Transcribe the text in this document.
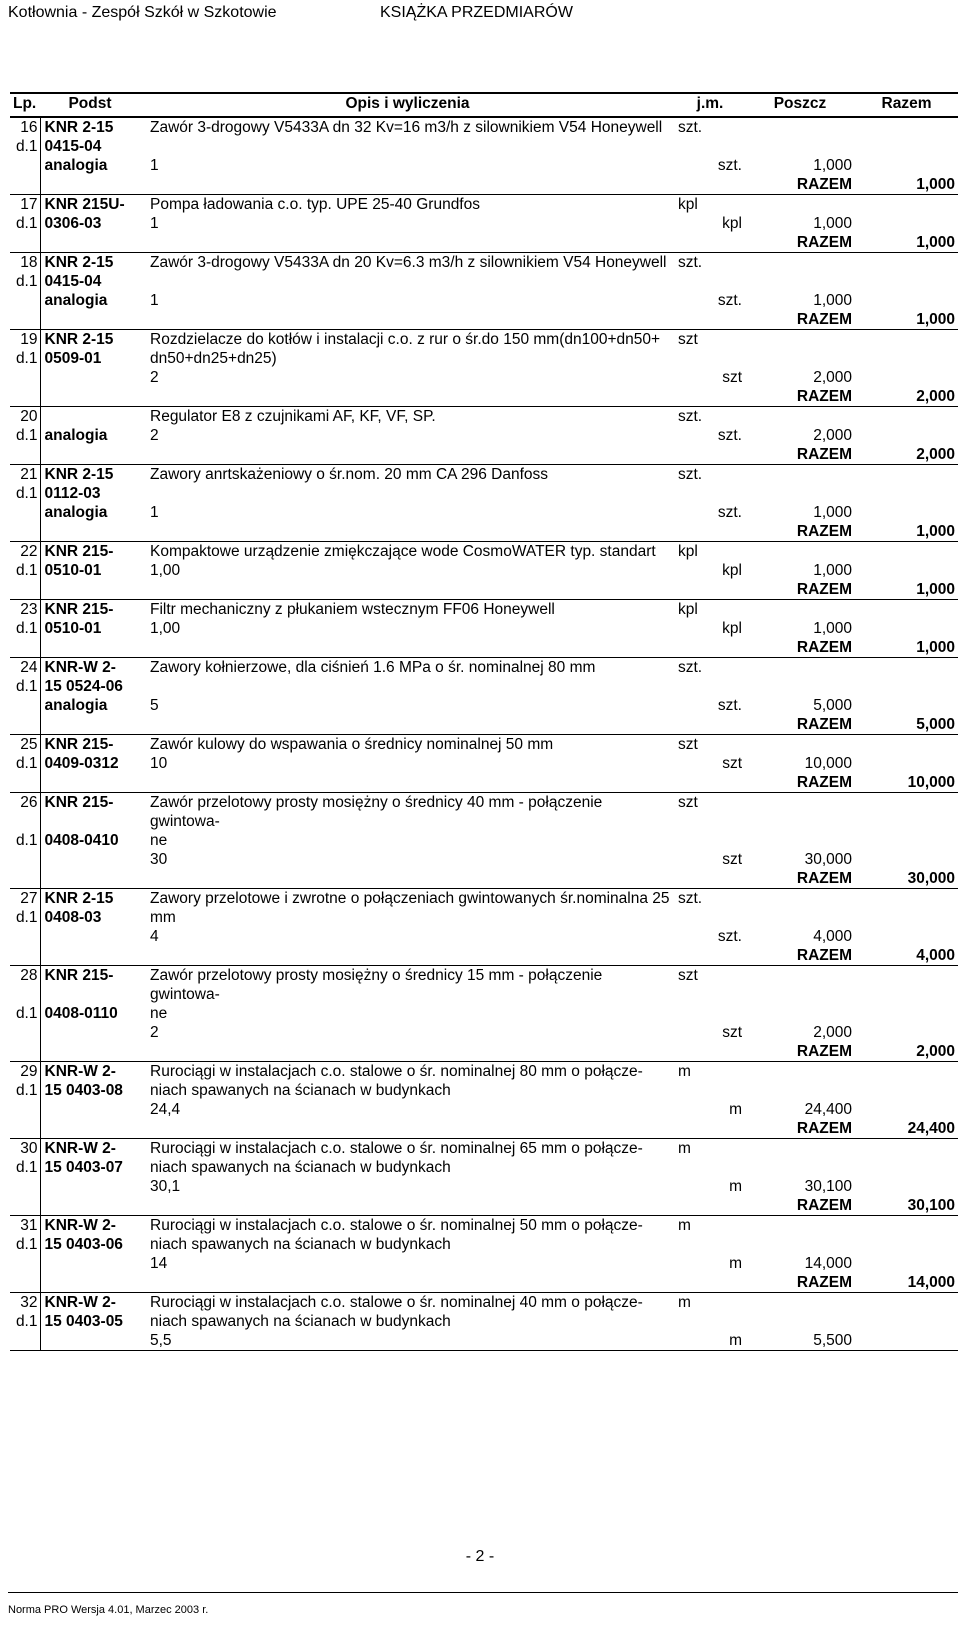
Kotłownia - Zespół Szkół w Szkotowie	KSIĄŻKA PRZEDMIARÓW
Lp.	Podst	Opis i wyliczenia	j.m.	Poszcz	Razem
16	KNR 2-15	Zawór 3-drogowy V5433A dn 32 Kv=16 m3/h z silownikiem V54 Honeywell	szt.		
d.1	0415-04				
	analogia	1	szt.	1,000	
				RAZEM	1,000
17	KNR 215U-	Pompa ładowania c.o. typ. UPE 25-40 Grundfos	kpl		
d.1	0306-03	1	kpl	1,000	
				RAZEM	1,000
18	KNR 2-15	Zawór 3-drogowy V5433A dn 20 Kv=6.3 m3/h z silownikiem V54 Honeywell	szt.		
d.1	0415-04				
	analogia	1	szt.	1,000	
				RAZEM	1,000
19	KNR 2-15	Rozdzielacze do kotłów i instalacji c.o. z rur o śr.do 150 mm(dn100+dn50+	szt		
d.1	0509-01	dn50+dn25+dn25)			
		2	szt	2,000	
				RAZEM	2,000
20		Regulator E8 z czujnikami AF, KF, VF, SP.	szt.		
d.1	analogia	2	szt.	2,000	
				RAZEM	2,000
21	KNR 2-15	Zawory anrtskażeniowy o śr.nom. 20 mm CA 296 Danfoss	szt.		
d.1	0112-03				
	analogia	1	szt.	1,000	
				RAZEM	1,000
22	KNR 215-	Kompaktowe urządzenie zmiękczające wode CosmoWATER typ. standart	kpl		
d.1	0510-01	1,00	kpl	1,000	
				RAZEM	1,000
23	KNR 215-	Filtr mechaniczny z płukaniem wstecznym FF06 Honeywell	kpl		
d.1	0510-01	1,00	kpl	1,000	
				RAZEM	1,000
24	KNR-W 2-	Zawory kołnierzowe, dla ciśnień 1.6 MPa o śr. nominalnej 80 mm	szt.		
d.1	15 0524-06				
	analogia	5	szt.	5,000	
				RAZEM	5,000
25	KNR 215-	Zawór kulowy do wspawania o średnicy nominalnej 50 mm	szt		
d.1	0409-0312	10	szt	10,000	
				RAZEM	10,000
26	KNR 215-	Zawór przelotowy prosty mosiężny o średnicy 40 mm - połączenie gwintowa-	szt		
d.1	0408-0410	ne			
		30	szt	30,000	
				RAZEM	30,000
27	KNR 2-15	Zawory przelotowe i zwrotne o połączeniach gwintowanych śr.nominalna 25	szt.		
d.1	0408-03	mm			
		4	szt.	4,000	
				RAZEM	4,000
28	KNR 215-	Zawór przelotowy prosty mosiężny o średnicy 15 mm - połączenie gwintowa-	szt		
d.1	0408-0110	ne			
		2	szt	2,000	
				RAZEM	2,000
29	KNR-W 2-	Rurociągi w instalacjach c.o. stalowe o śr. nominalnej 80 mm o połącze-	m		
d.1	15 0403-08	niach spawanych na ścianach w budynkach			
		24,4	m	24,400	
				RAZEM	24,400
30	KNR-W 2-	Rurociągi w instalacjach c.o. stalowe o śr. nominalnej 65 mm o połącze-	m		
d.1	15 0403-07	niach spawanych na ścianach w budynkach			
		30,1	m	30,100	
				RAZEM	30,100
31	KNR-W 2-	Rurociągi w instalacjach c.o. stalowe o śr. nominalnej 50 mm o połącze-	m		
d.1	15 0403-06	niach spawanych na ścianach w budynkach			
		14	m	14,000	
				RAZEM	14,000
32	KNR-W 2-	Rurociągi w instalacjach c.o. stalowe o śr. nominalnej 40 mm o połącze-	m		
d.1	15 0403-05	niach spawanych na ścianach w budynkach			
		5,5	m	5,500	
- 2 -
Norma PRO Wersja 4.01, Marzec 2003 r.
